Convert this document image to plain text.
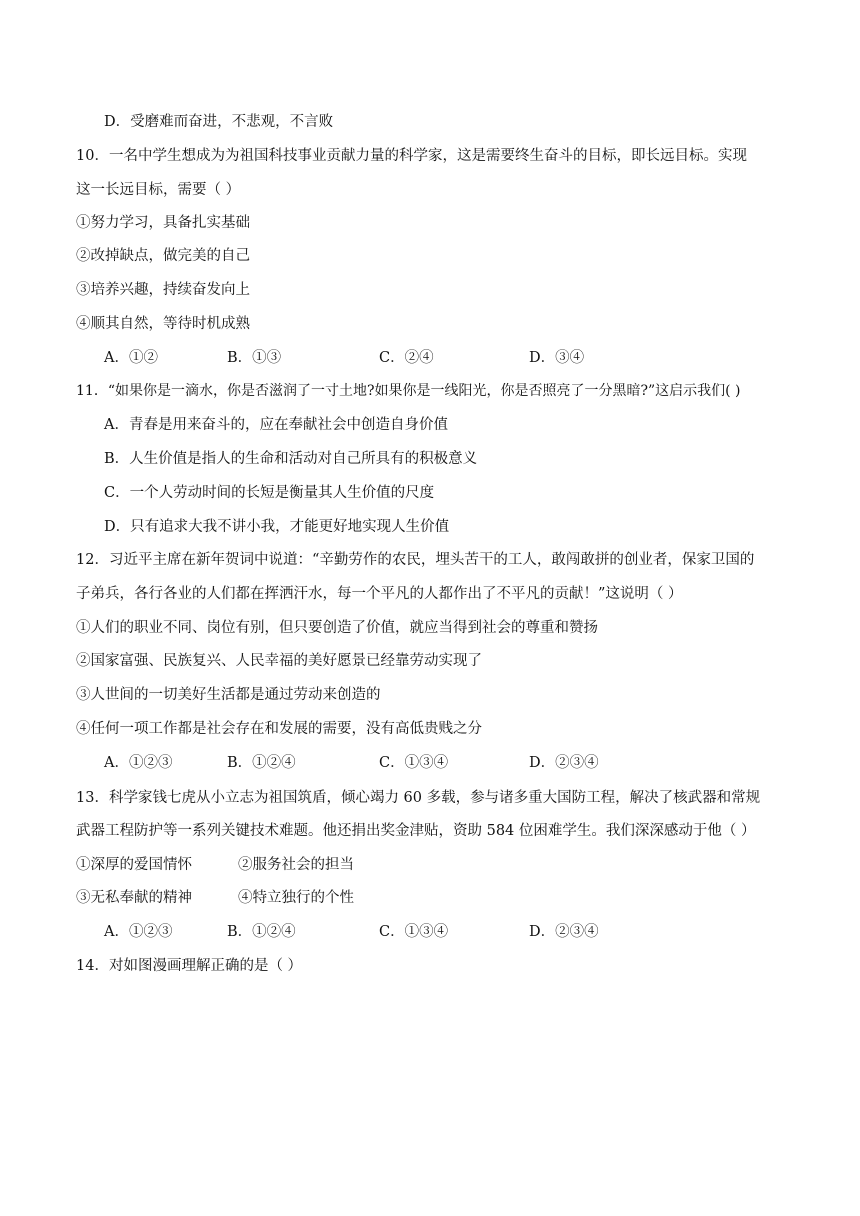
D．受磨难而奋进，不悲观，不言败
10．一名中学生想成为为祖国科技事业贡献力量的科学家，这是需要终生奋斗的目标，即长远目标。实现
这一长远目标，需要（ ）
①努力学习，具备扎实基础
②改掉缺点，做完美的自己
③培养兴趣，持续奋发向上
④顺其自然，等待时机成熟
A．①②	B．①③	C．②④	D．③④
11．“如果你是一滴水，你是否滋润了一寸土地?如果你是一线阳光，你是否照亮了一分黑暗?”这启示我们( )
A．青春是用来奋斗的，应在奉献社会中创造自身价值
B．人生价值是指人的生命和活动对自己所具有的积极意义
C．一个人劳动时间的长短是衡量其人生价值的尺度
D．只有追求大我不讲小我，才能更好地实现人生价值
12．习近平主席在新年贺词中说道：“辛勤劳作的农民，埋头苦干的工人，敢闯敢拼的创业者，保家卫国的
子弟兵，各行各业的人们都在挥洒汗水，每一个平凡的人都作出了不平凡的贡献！”这说明（ ）
①人们的职业不同、岗位有别，但只要创造了价值，就应当得到社会的尊重和赞扬
②国家富强、民族复兴、人民幸福的美好愿景已经靠劳动实现了
③人世间的一切美好生活都是通过劳动来创造的
④任何一项工作都是社会存在和发展的需要，没有高低贵贱之分
A．①②③	B．①②④	C．①③④	D．②③④
13．科学家钱七虎从小立志为祖国筑盾，倾心竭力 60 多载，参与诸多重大国防工程，解决了核武器和常规
武器工程防护等一系列关键技术难题。他还捐出奖金津贴，资助 584 位困难学生。我们深深感动于他（ ）
①深厚的爱国情怀	②服务社会的担当
③无私奉献的精神	④特立独行的个性
A．①②③	B．①②④	C．①③④	D．②③④
14．对如图漫画理解正确的是（ ）
